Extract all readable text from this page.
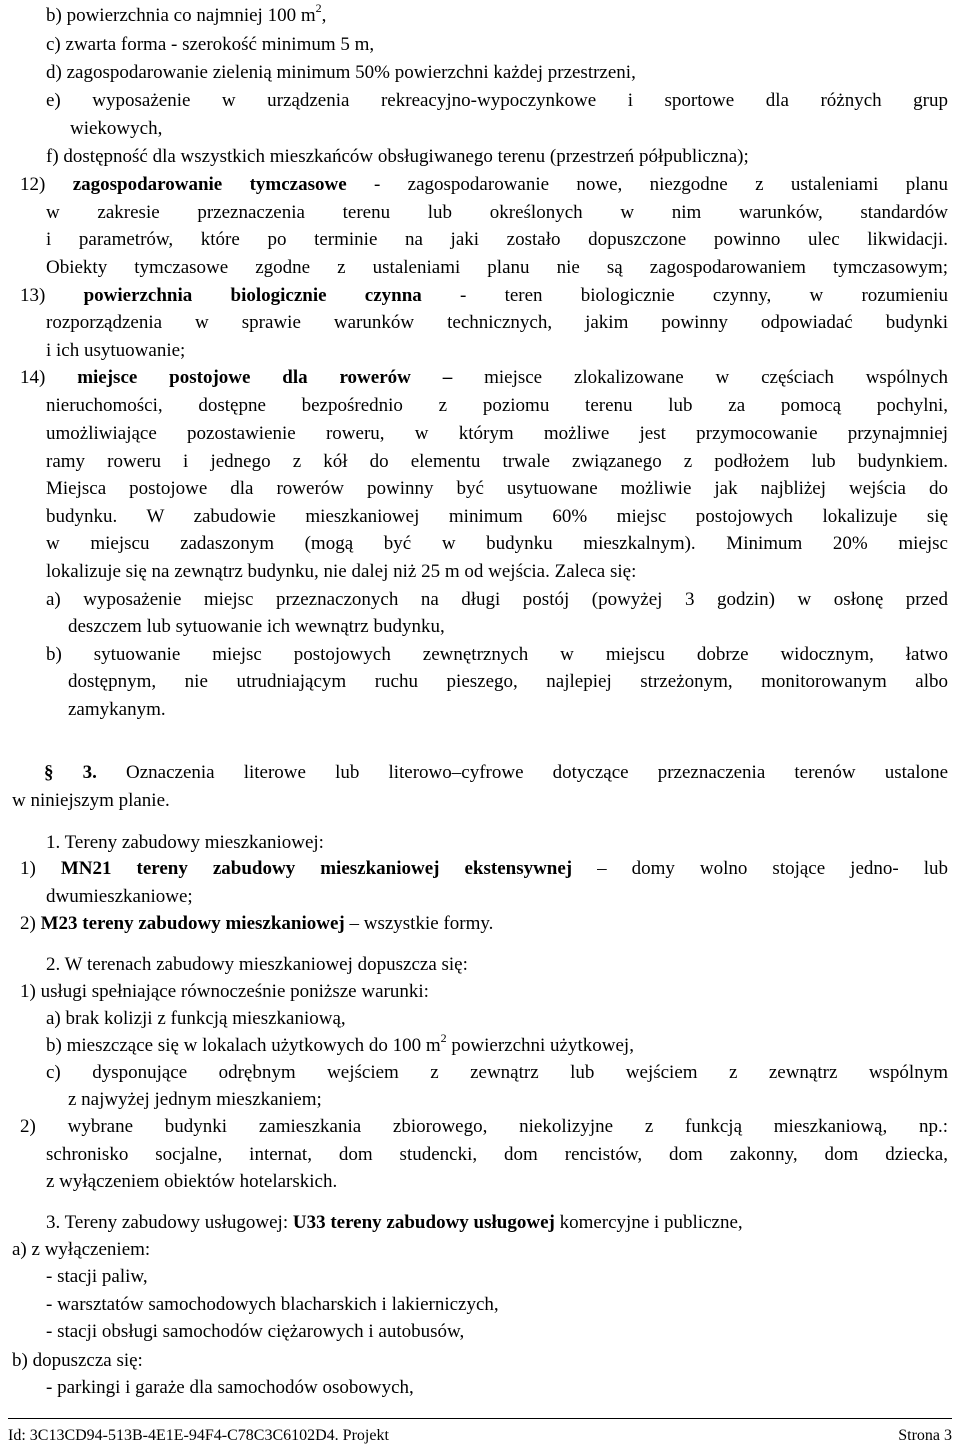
b) powierzchnia co najmniej 100 $m^2$,
c) zwarta forma - szerokość minimum 5 m,
d) zagospodarowanie zielenią minimum 50% powierzchni każdej przestrzeni,
e) wyposażenie w urządzenia rekreacyjno-wypoczynkowe i sportowe dla różnych grup
wiekowych,
f) dostępność dla wszystkich mieszkańców obsługiwanego terenu (przestrzeń półpubliczna);
12) zagospodarowanie tymczasowe - zagospodarowanie nowe, niezgodne z ustaleniami planu
w zakresie przeznaczenia terenu lub określonych w nim warunków, standardów
i parametrów, które po terminie na jaki zostało dopuszczone powinno ulec likwidacji.
Obiekty tymczasowe zgodne z ustaleniami planu nie są zagospodarowaniem tymczasowym;
13) powierzchnia biologicznie czynna - teren biologicznie czynny, w rozumieniu
rozporządzenia w sprawie warunków technicznych, jakim powinny odpowiadać budynki
i ich usytuowanie;
14) miejsce postojowe dla rowerów – miejsce zlokalizowane w częściach wspólnych
nieruchomości, dostępne bezpośrednio z poziomu terenu lub za pomocą pochylni,
umożliwiające pozostawienie roweru, w którym możliwe jest przymocowanie przynajmniej
ramy roweru i jednego z kół do elementu trwale związanego z podłożem lub budynkiem.
Miejsca postojowe dla rowerów powinny być usytuowane możliwie jak najbliżej wejścia do
budynku. W zabudowie mieszkaniowej minimum 60% miejsc postojowych lokalizuje się
w miejscu zadaszonym (mogą być w budynku mieszkalnym). Minimum 20% miejsc
lokalizuje się na zewnątrz budynku, nie dalej niż 25 m od wejścia. Zaleca się:
a) wyposażenie miejsc przeznaczonych na długi postój (powyżej 3 godzin) w osłonę przed
deszczem lub sytuowanie ich wewnątrz budynku,
b) sytuowanie miejsc postojowych zewnętrznych w miejscu dobrze widocznym, łatwo
dostępnym, nie utrudniającym ruchu pieszego, najlepiej strzeżonym, monitorowanym albo
zamykanym.
§ 3. Oznaczenia literowe lub literowo–cyfrowe dotyczące przeznaczenia terenów ustalone
w niniejszym planie.
1. Tereny zabudowy mieszkaniowej:
1) MN21 tereny zabudowy mieszkaniowej ekstensywnej – domy wolno stojące jedno- lub
dwumieszkaniowe;
2) M23 tereny zabudowy mieszkaniowej – wszystkie formy.
2. W terenach zabudowy mieszkaniowej dopuszcza się:
1) usługi spełniające równocześnie poniższe warunki:
a) brak kolizji z funkcją mieszkaniową,
b) mieszczące się w lokalach użytkowych do 100 $m^2$ powierzchni użytkowej,
c) dysponujące odrębnym wejściem z zewnątrz lub wejściem z zewnątrz wspólnym
z najwyżej jednym mieszkaniem;
2) wybrane budynki zamieszkania zbiorowego, niekolizyjne z funkcją mieszkaniową, np.:
schronisko socjalne, internat, dom studencki, dom rencistów, dom zakonny, dom dziecka,
z wyłączeniem obiektów hotelarskich.
3. Tereny zabudowy usługowej: U33 tereny zabudowy usługowej komercyjne i publiczne,
a) z wyłączeniem:
- stacji paliw,
- warsztatów samochodowych blacharskich i lakierniczych,
- stacji obsługi samochodów ciężarowych i autobusów,
b) dopuszcza się:
- parkingi i garaże dla samochodów osobowych,
Id: 3C13CD94-513B-4E1E-94F4-C78C3C6102D4. Projekt	Strona 3
